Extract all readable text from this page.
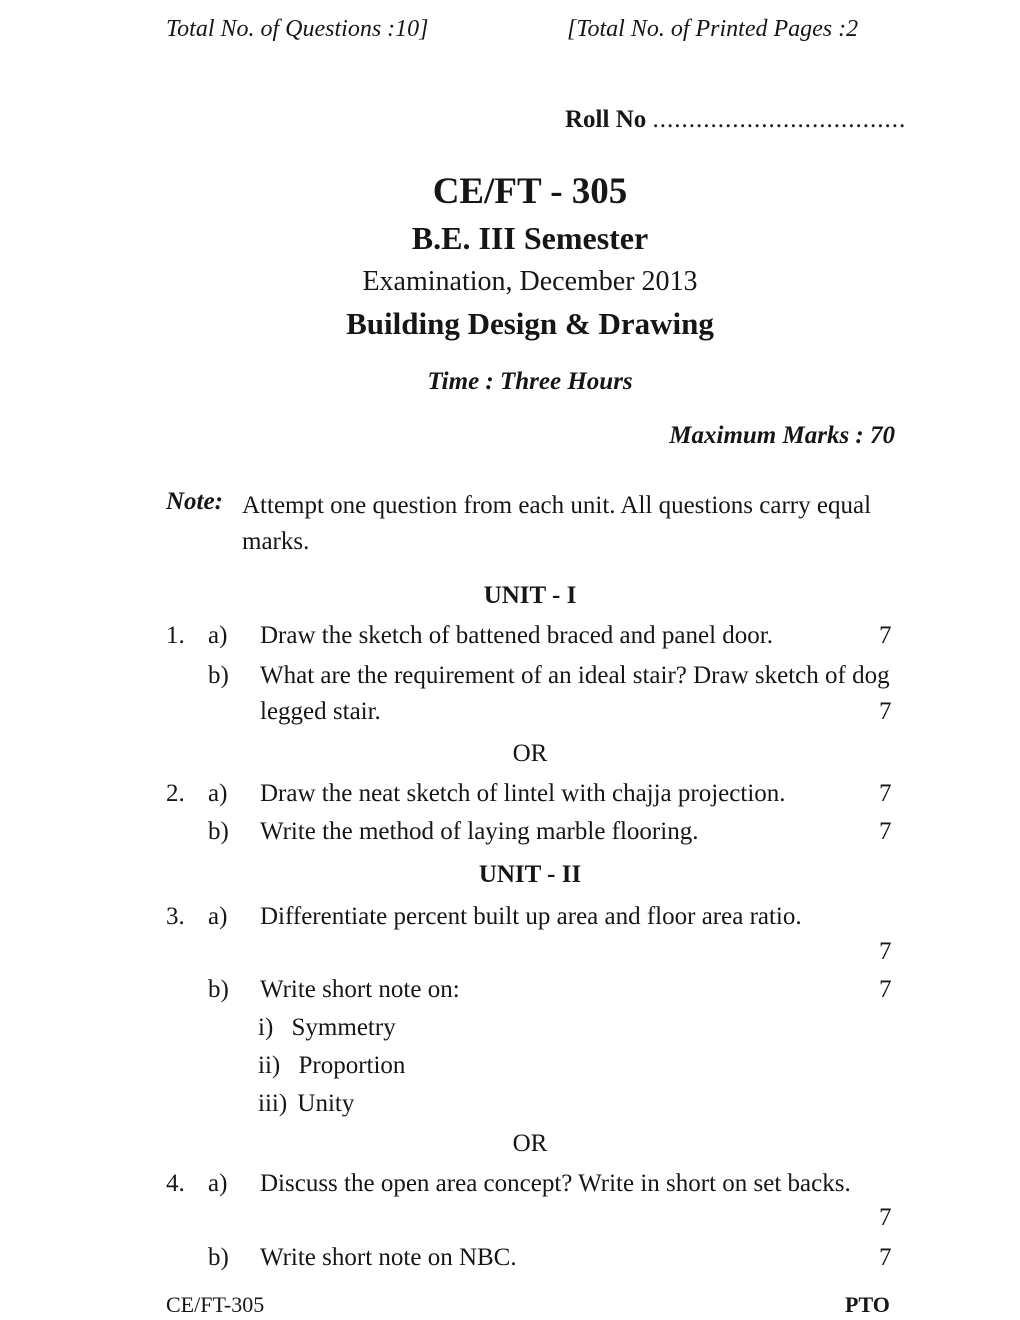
Total No. of Questions :10]	[Total No. of Printed Pages :2
Roll No ...................................
CE/FT - 305
B.E. III Semester
Examination, December 2013
Building Design & Drawing
Time : Three Hours
Maximum Marks : 70
Note: Attempt one question from each unit. All questions carry equal marks.
UNIT - I
1. a) Draw the sketch of battened braced and panel door.	7
b) What are the requirement of an ideal stair? Draw sketch of dog legged stair.	7
OR
2. a) Draw the neat sketch of lintel with chajja projection.	7
b) Write the method of laying marble flooring.	7
UNIT - II
3. a) Differentiate percent built up area and floor area ratio.
7
b) Write short note on:	7
i) Symmetry
ii) Proportion
iii) Unity
OR
4. a) Discuss the open area concept? Write in short on set backs.
7
b) Write short note on NBC.	7
CE/FT-305	PTO
